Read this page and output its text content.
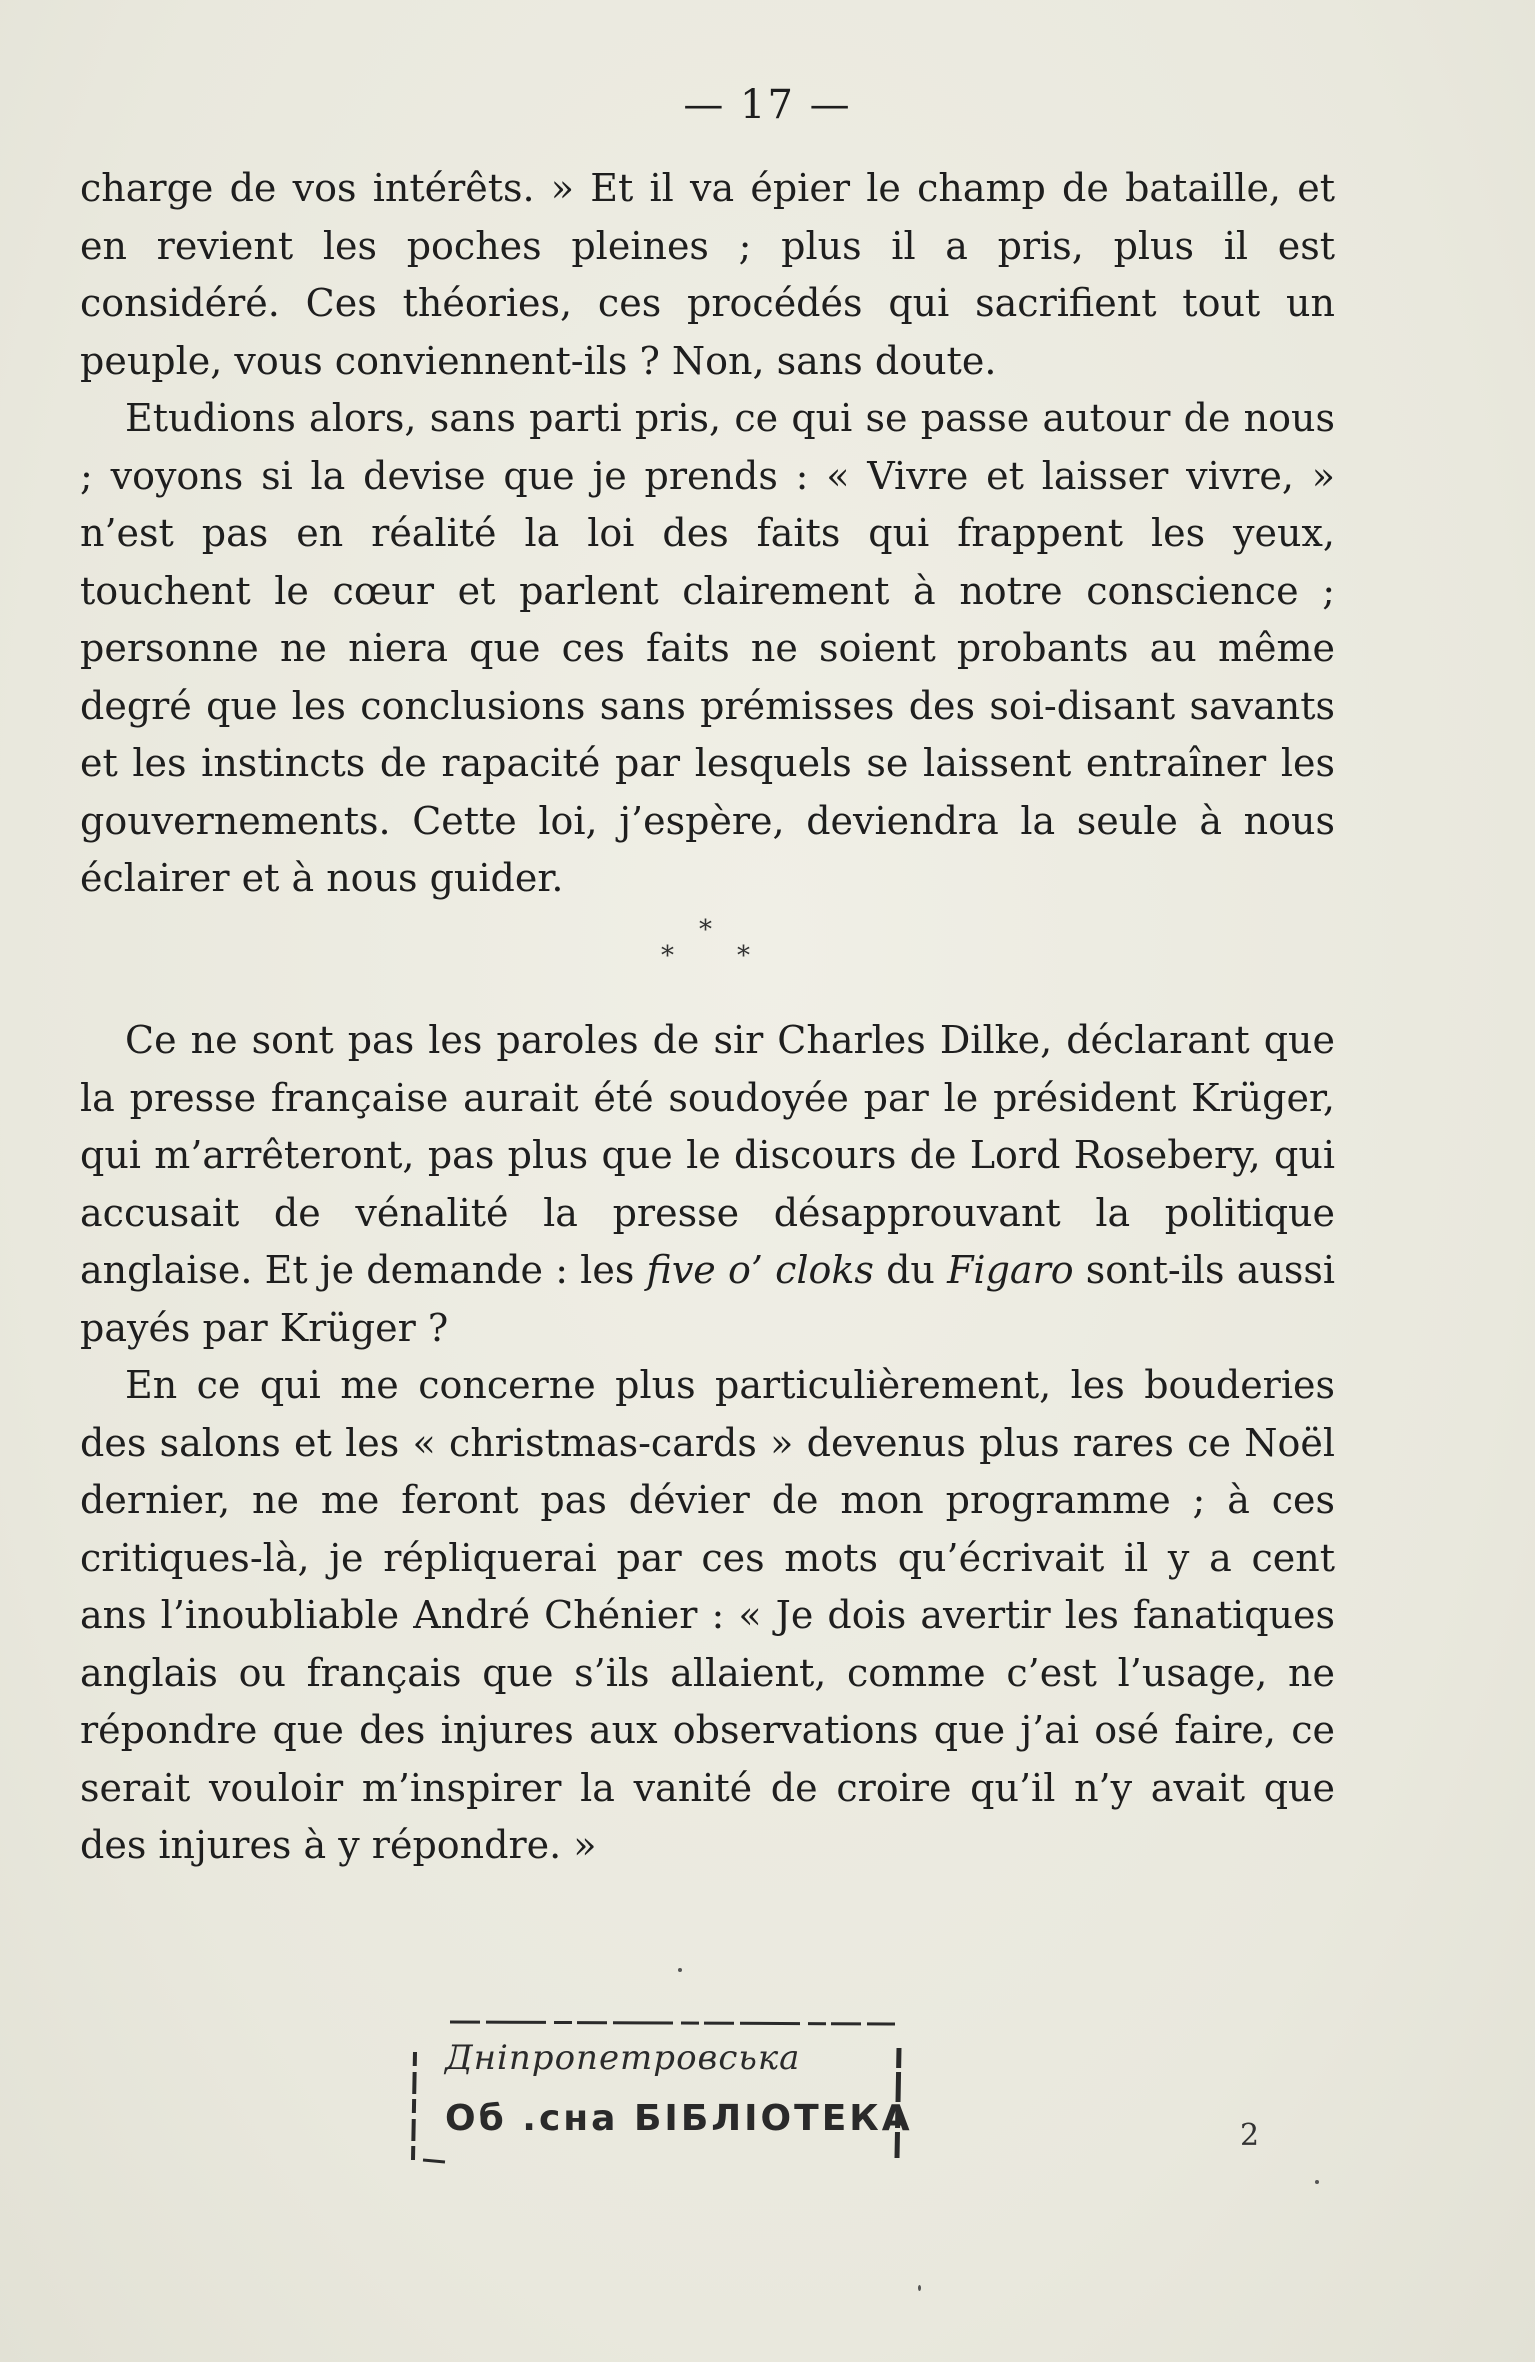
— 17 —

charge de vos intérêts. » Et il va épier le champ de bataille, et en revient les poches pleines ; plus il a pris, plus il est considéré. Ces théories, ces procédés qui sacrifient tout un peuple, vous conviennent-ils ? Non, sans doute.

Etudions alors, sans parti pris, ce qui se passe autour de nous ; voyons si la devise que je prends : « Vivre et laisser vivre, » n’est pas en réalité la loi des faits qui frappent les yeux, touchent le cœur et parlent clairement à notre conscience ; personne ne niera que ces faits ne soient probants au même degré que les conclusions sans prémisses des soi-disant savants et les instincts de rapacité par lesquels se laissent entraîner les gouvernements. Cette loi, j’espère, deviendra la seule à nous éclairer et à nous guider.

*
* *

Ce ne sont pas les paroles de sir Charles Dilke, déclarant que la presse française aurait été soudoyée par le président Krüger, qui m’arrêteront, pas plus que le discours de Lord Rosebery, qui accusait de vénalité la presse désapprouvant la politique anglaise. Et je demande : les five o’ cloks du Figaro sont-ils aussi payés par Krüger ?

En ce qui me concerne plus particulièrement, les bouderies des salons et les « christmas-cards » devenus plus rares ce Noël dernier, ne me feront pas dévier de mon programme ; à ces critiques-là, je répliquerai par ces mots qu’écrivait il y a cent ans l’inoubliable André Chénier : « Je dois avertir les fanatiques anglais ou français que s’ils allaient, comme c’est l’usage, ne répondre que des injures aux observations que j’ai osé faire, ce serait vouloir m’inspirer la vanité de croire qu’il n’y avait que des injures à y répondre. »

Днiпропетровська
Об .сна БIБЛIОТЕКА	2
